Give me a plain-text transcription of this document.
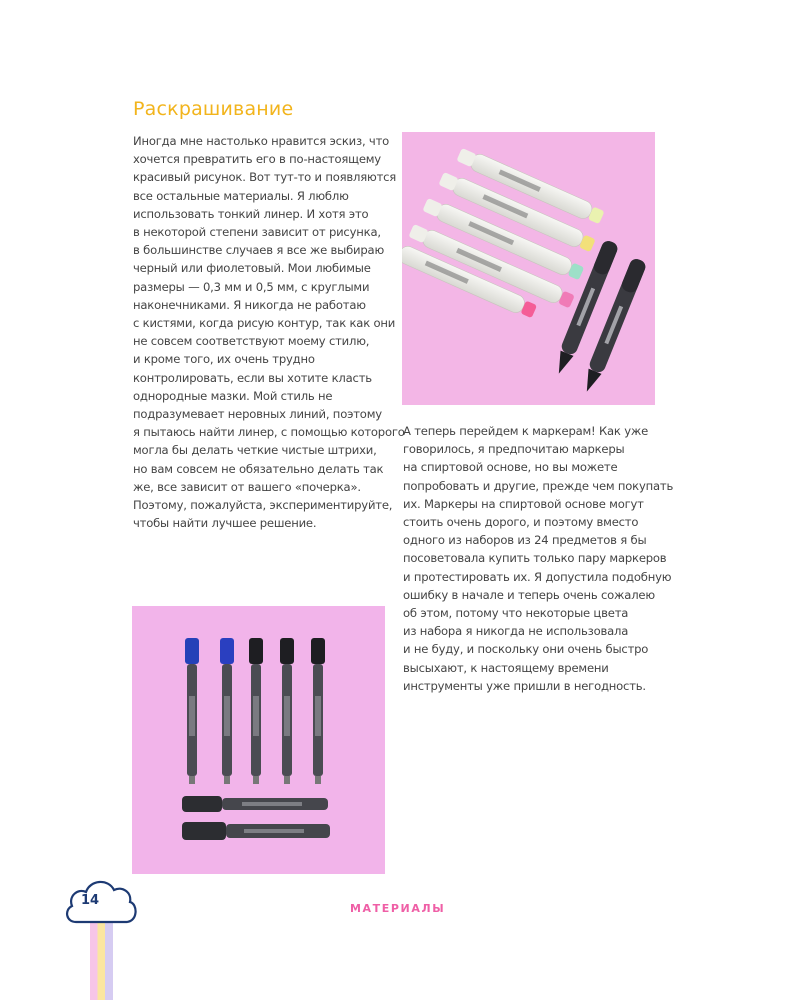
Раскрашивание
Иногда мне настолько нравится эскиз, что
хочется превратить его в по-настоящему
красивый рисунок. Вот тут-то и появляются
все остальные материалы. Я люблю
использовать тонкий линер. И хотя это
в некоторой степени зависит от рисунка,
в большинстве случаев я все же выбираю
черный или фиолетовый. Мои любимые
размеры — 0,3 мм и 0,5 мм, с круглыми
наконечниками. Я никогда не работаю
с кистями, когда рисую контур, так как они
не совсем соответствуют моему стилю,
и кроме того, их очень трудно
контролировать, если вы хотите класть
однородные мазки. Мой стиль не
подразумевает неровных линий, поэтому
я пытаюсь найти линер, с помощью которого
могла бы делать четкие чистые штрихи,
но вам совсем не обязательно делать так
же, все зависит от вашего «почерка».
Поэтому, пожалуйста, экспериментируйте,
чтобы найти лучшее решение.
А теперь перейдем к маркерам! Как уже
говорилось, я предпочитаю маркеры
на спиртовой основе, но вы можете
попробовать и другие, прежде чем покупать
их. Маркеры на спиртовой основе могут
стоить очень дорого, и поэтому вместо
одного из наборов из 24 предметов я бы
посоветовала купить только пару маркеров
и протестировать их. Я допустила подобную
ошибку в начале и теперь очень сожалею
об этом, потому что некоторые цвета
из набора я никогда не использовала
и не буду, и поскольку они очень быстро
высыхают, к настоящему времени
инструменты уже пришли в негодность.
14
МАТЕРИАЛЫ
